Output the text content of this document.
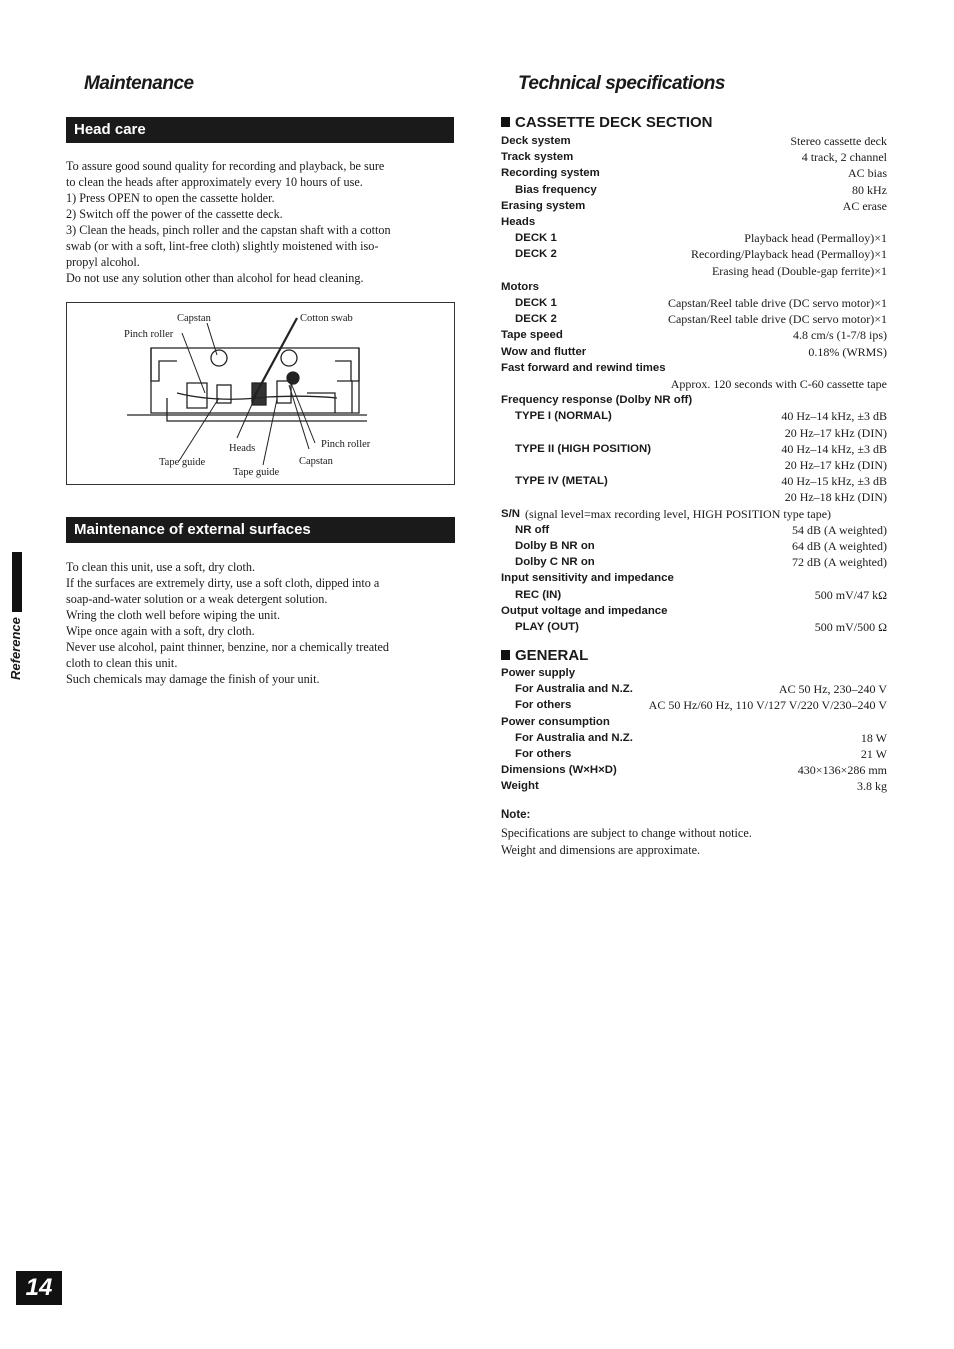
Maintenance
Head care

To assure good sound quality for recording and playback, be sure

to clean the heads after approximately every 10 hours of use.

1) Press OPEN to open the cassette holder.

2) Switch off the power of the cassette deck.

3) Clean the heads, pinch roller and the capstan shaft with a cotton

swab (or with a soft, lint-free cloth) slightly moistened with iso-

propyl alcohol.

Do not use any solution other than alcohol for head cleaning.

Capstan	Cotton swab
Pinch roller
Heads	Pinch roller
Tape guide	Capstan
Tape guide
Maintenance of external surfaces

To clean this unit, use a soft, dry cloth.

If the surfaces are extremely dirty, use a soft cloth, dipped into a

soap-and-water solution or a weak detergent solution.

Wring the cloth well before wiping the unit.

Wipe once again with a soft, dry cloth.

Never use alcohol, paint thinner, benzine, nor a chemically treated

cloth to clean this unit.

Such chemicals may damage the finish of your unit.

Reference
14
Technical specifications
CASSETTE DECK SECTION
Deck system	Stereo cassette deck
Track system	4 track, 2 channel
Recording system	AC bias
Bias frequency	80 kHz
Erasing system	AC erase
Heads
DECK 1	Playback head (Permalloy)×1
DECK 2	Recording/Playback head (Permalloy)×1
Erasing head (Double-gap ferrite)×1
Motors
DECK 1	Capstan/Reel table drive (DC servo motor)×1
DECK 2	Capstan/Reel table drive (DC servo motor)×1
Tape speed	4.8 cm/s (1-7/8 ips)
Wow and flutter	0.18% (WRMS)
Fast forward and rewind times
Approx. 120 seconds with C-60 cassette tape
Frequency response (Dolby NR off)
TYPE I (NORMAL)	40 Hz–14 kHz, ±3 dB
20 Hz–17 kHz (DIN)
TYPE II (HIGH POSITION)	40 Hz–14 kHz, ±3 dB
20 Hz–17 kHz (DIN)
TYPE IV (METAL)	40 Hz–15 kHz, ±3 dB
20 Hz–18 kHz (DIN)
S/N (signal level=max recording level, HIGH POSITION type tape)
NR off	54 dB (A weighted)
Dolby B NR on	64 dB (A weighted)
Dolby C NR on	72 dB (A weighted)
Input sensitivity and impedance
REC (IN)	500 mV/47 kΩ
Output voltage and impedance
PLAY (OUT)	500 mV/500 Ω
GENERAL
Power supply
For Australia and N.Z.	AC 50 Hz, 230–240 V
For others	AC 50 Hz/60 Hz, 110 V/127 V/220 V/230–240 V
Power consumption
For Australia and N.Z.	18 W
For others	21 W
Dimensions (W×H×D)	430×136×286 mm
Weight	3.8 kg
Note:

Specifications are subject to change without notice.

Weight and dimensions are approximate.
